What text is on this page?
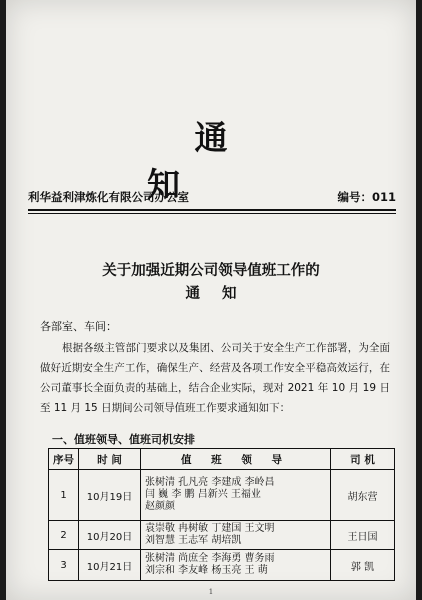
通 知
利华益利津炼化有限公司办公室	编号：011
关于加强近期公司领导值班工作的
通知
各部室、车间：
根据各级主管部门要求以及集团、公司关于安全生产工作部署，为全面做好近期安全生产工作，确保生产、经营及各项工作安全平稳高效运行，在公司董事长全面负责的基础上，结合企业实际，现对 2021 年 10 月 19 日至 11 月 15 日期间公司领导值班工作要求通知如下：
一、值班领导、值班司机安排
序号	时 间	值 班 领 导	司 机
1	10月19日	张树清 孔凡亮 李建成 李岭昌
闫 巍 李 鹏 吕新兴 王福业
赵颜颜	胡东营
2	10月20日	袁崇敬 冉树敏 丁建国 王文明
刘智慧 王志军 胡培凯	王日国
3	10月21日	张树清 尚庶全 李海勇 曹务雨
刘宗和 李友峰 杨玉亮 王 萌	郭 凯
1
